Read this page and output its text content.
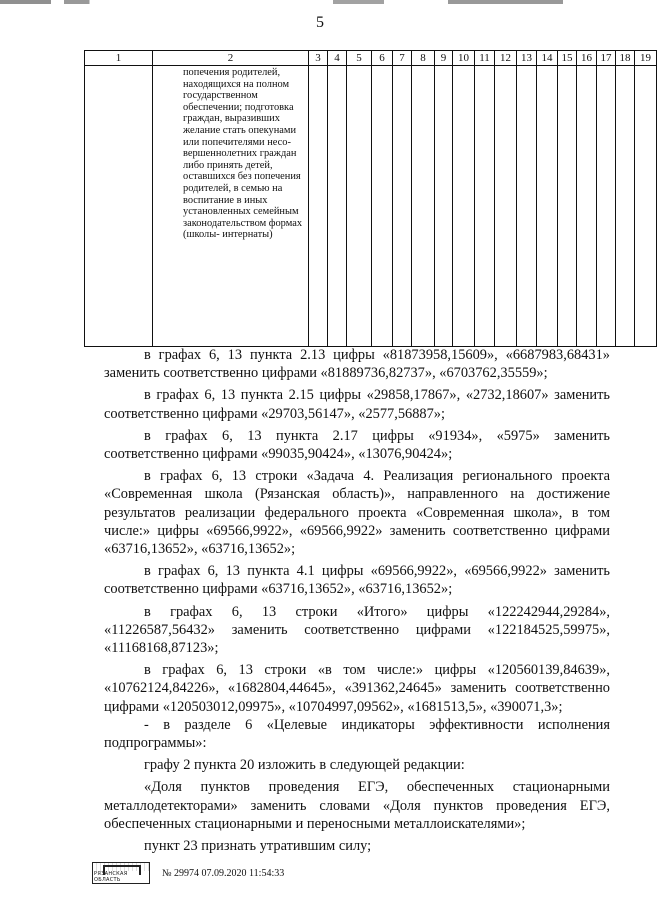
5
1	2	3	4	5	6	7	8	9	10	11	12	13	14	15	16	17	18	19

	попечения родителей, находящихся на полном государственном обеспечении; подготовка граждан, выразивших желание стать опекунами или попечителями несо- вершеннолетних граждан либо принять детей, оставшихся без попечения родителей, в семью на воспитание в иных установленных семейным законодательством формах (школы- интернаты)																	

в графах 6, 13 пункта 2.13 цифры «81873958,15609», «6687983,68431» заменить соответственно цифрами «81889736,82737», «6703762,35559»;

в графах 6, 13 пункта 2.15 цифры «29858,17867», «2732,18607» заменить соответственно цифрами «29703,56147», «2577,56887»;

в графах 6, 13 пункта 2.17 цифры «91934», «5975» заменить соответственно цифрами «99035,90424», «13076,90424»;

в графах 6, 13 строки «Задача 4. Реализация регионального проекта «Современная школа (Рязанская область)», направленного на достижение результатов реализации федерального проекта «Современная школа», в том числе:» цифры «69566,9922», «69566,9922» заменить соответственно цифрами «63716,13652», «63716,13652»;

в графах 6, 13 пункта 4.1 цифры «69566,9922», «69566,9922» заменить соответственно цифрами «63716,13652», «63716,13652»;

в графах 6, 13 строки «Итого» цифры «122242944,29284», «11226587,56432» заменить соответственно цифрами «122184525,59975», «11168168,87123»;

в графах 6, 13 строки «в том числе:» цифры «120560139,84639», «10762124,84226», «1682804,44645», «391362,24645» заменить соответственно цифрами «120503012,09975», «10704997,09562», «1681513,5», «390071,3»;

- в разделе 6 «Целевые индикаторы эффективности исполнения подпрограммы»:

графу 2 пункта 20 изложить в следующей редакции:

«Доля пунктов проведения ЕГЭ, обеспеченных стационарными металлодетекторами» заменить словами «Доля пунктов проведения ЕГЭ, обеспеченных стационарными и переносными металлоискателями»;

пункт 23 признать утратившим силу;

РЯЗАНСКАЯ ОБЛАСТЬ
№ 29974 07.09.2020 11:54:33
